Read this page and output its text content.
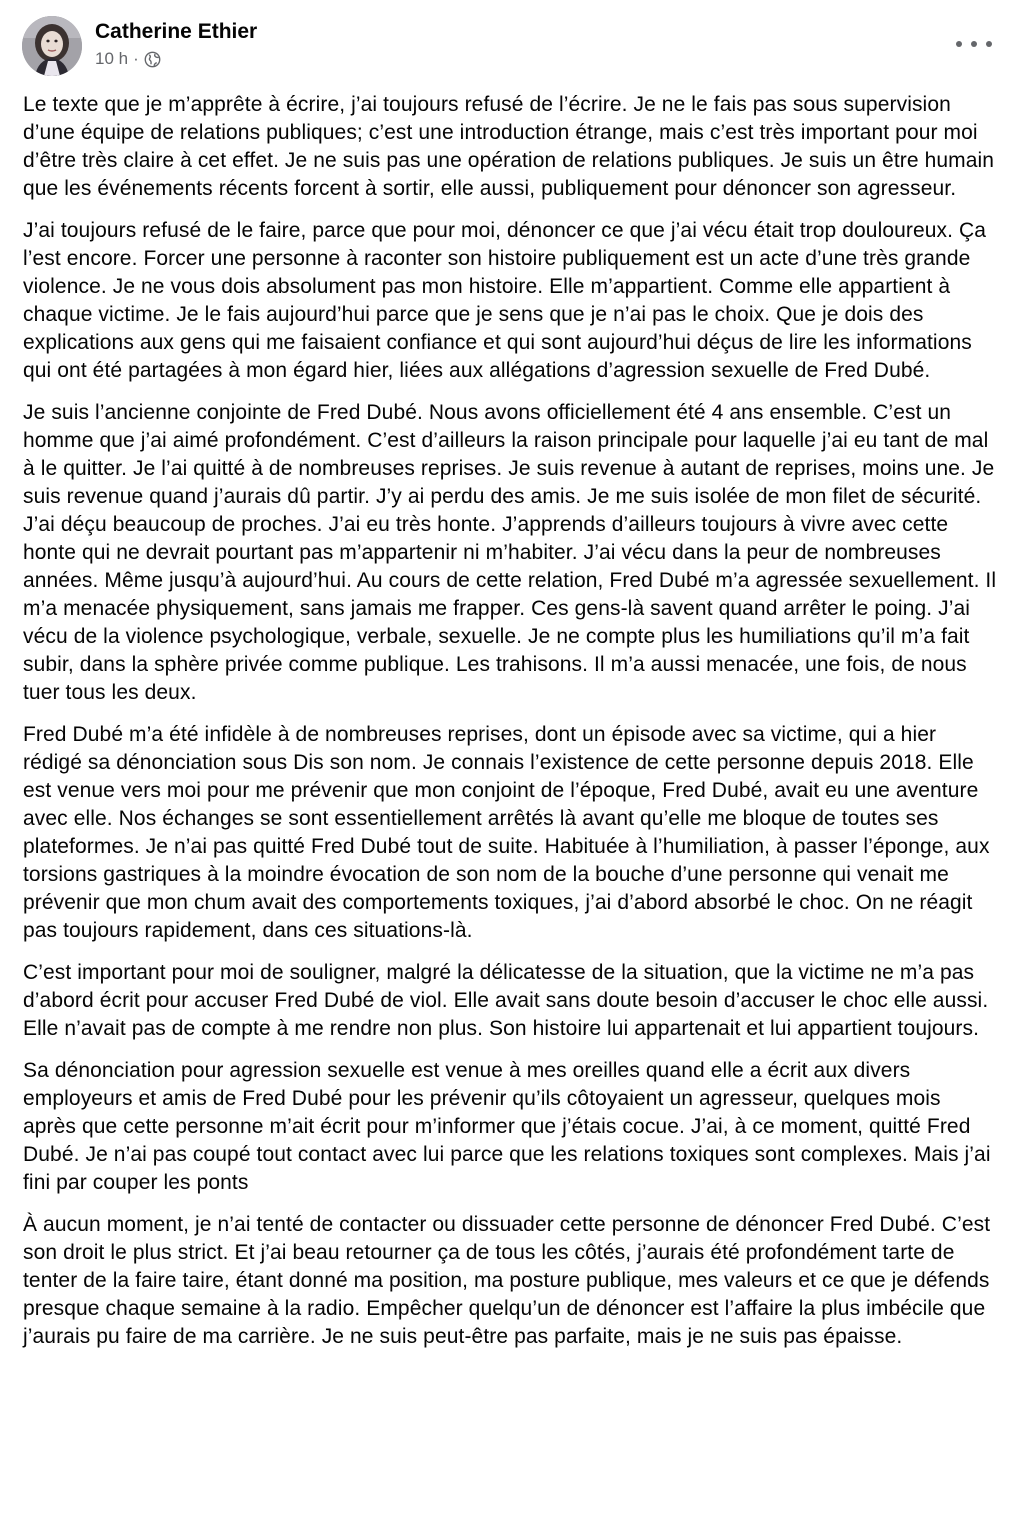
Catherine Ethier
10 h ·

Le texte que je m’apprête à écrire, j’ai toujours refusé de l’écrire. Je ne le fais pas sous supervision d’une équipe de relations publiques; c’est une introduction étrange, mais c’est très important pour moi d’être très claire à cet effet. Je ne suis pas une opération de relations publiques. Je suis un être humain que les événements récents forcent à sortir, elle aussi, publiquement pour dénoncer son agresseur.

J’ai toujours refusé de le faire, parce que pour moi, dénoncer ce que j’ai vécu était trop douloureux. Ça l’est encore. Forcer une personne à raconter son histoire publiquement est un acte d’une très grande violence. Je ne vous dois absolument pas mon histoire. Elle m’appartient. Comme elle appartient à chaque victime. Je le fais aujourd’hui parce que je sens que je n’ai pas le choix. Que je dois des explications aux gens qui me faisaient confiance et qui sont aujourd’hui déçus de lire les informations qui ont été partagées à mon égard hier, liées aux allégations d’agression sexuelle de Fred Dubé.

Je suis l’ancienne conjointe de Fred Dubé. Nous avons officiellement été 4 ans ensemble. C’est un homme que j’ai aimé profondément. C’est d’ailleurs la raison principale pour laquelle j’ai eu tant de mal à le quitter. Je l’ai quitté à de nombreuses reprises. Je suis revenue à autant de reprises, moins une. Je suis revenue quand j’aurais dû partir. J’y ai perdu des amis. Je me suis isolée de mon filet de sécurité. J’ai déçu beaucoup de proches. J’ai eu très honte. J’apprends d’ailleurs toujours à vivre avec cette honte qui ne devrait pourtant pas m’appartenir ni m’habiter. J’ai vécu dans la peur de nombreuses années. Même jusqu’à aujourd’hui. Au cours de cette relation, Fred Dubé m’a agressée sexuellement. Il m’a menacée physiquement, sans jamais me frapper. Ces gens-là savent quand arrêter le poing. J’ai vécu de la violence psychologique, verbale, sexuelle. Je ne compte plus les humiliations qu’il m’a fait subir, dans la sphère privée comme publique. Les trahisons. Il m’a aussi menacée, une fois, de nous tuer tous les deux.

Fred Dubé m’a été infidèle à de nombreuses reprises, dont un épisode avec sa victime, qui a hier rédigé sa dénonciation sous Dis son nom. Je connais l’existence de cette personne depuis 2018. Elle est venue vers moi pour me prévenir que mon conjoint de l’époque, Fred Dubé, avait eu une aventure avec elle. Nos échanges se sont essentiellement arrêtés là avant qu’elle me bloque de toutes ses plateformes. Je n’ai pas quitté Fred Dubé tout de suite. Habituée à l’humiliation, à passer l’éponge, aux torsions gastriques à la moindre évocation de son nom de la bouche d’une personne qui venait me prévenir que mon chum avait des comportements toxiques, j’ai d’abord absorbé le choc. On ne réagit pas toujours rapidement, dans ces situations-là.

C’est important pour moi de souligner, malgré la délicatesse de la situation, que la victime ne m’a pas d’abord écrit pour accuser Fred Dubé de viol. Elle avait sans doute besoin d’accuser le choc elle aussi. Elle n’avait pas de compte à me rendre non plus. Son histoire lui appartenait et lui appartient toujours.

Sa dénonciation pour agression sexuelle est venue à mes oreilles quand elle a écrit aux divers employeurs et amis de Fred Dubé pour les prévenir qu’ils côtoyaient un agresseur, quelques mois après que cette personne m’ait écrit pour m’informer que j’étais cocue. J’ai, à ce moment, quitté Fred Dubé. Je n’ai pas coupé tout contact avec lui parce que les relations toxiques sont complexes. Mais j’ai fini par couper les ponts

À aucun moment, je n’ai tenté de contacter ou dissuader cette personne de dénoncer Fred Dubé. C’est son droit le plus strict. Et j’ai beau retourner ça de tous les côtés, j’aurais été profondément tarte de tenter de la faire taire, étant donné ma position, ma posture publique, mes valeurs et ce que je défends presque chaque semaine à la radio. Empêcher quelqu’un de dénoncer est l’affaire la plus imbécile que j’aurais pu faire de ma carrière. Je ne suis peut-être pas parfaite, mais je ne suis pas épaisse.
